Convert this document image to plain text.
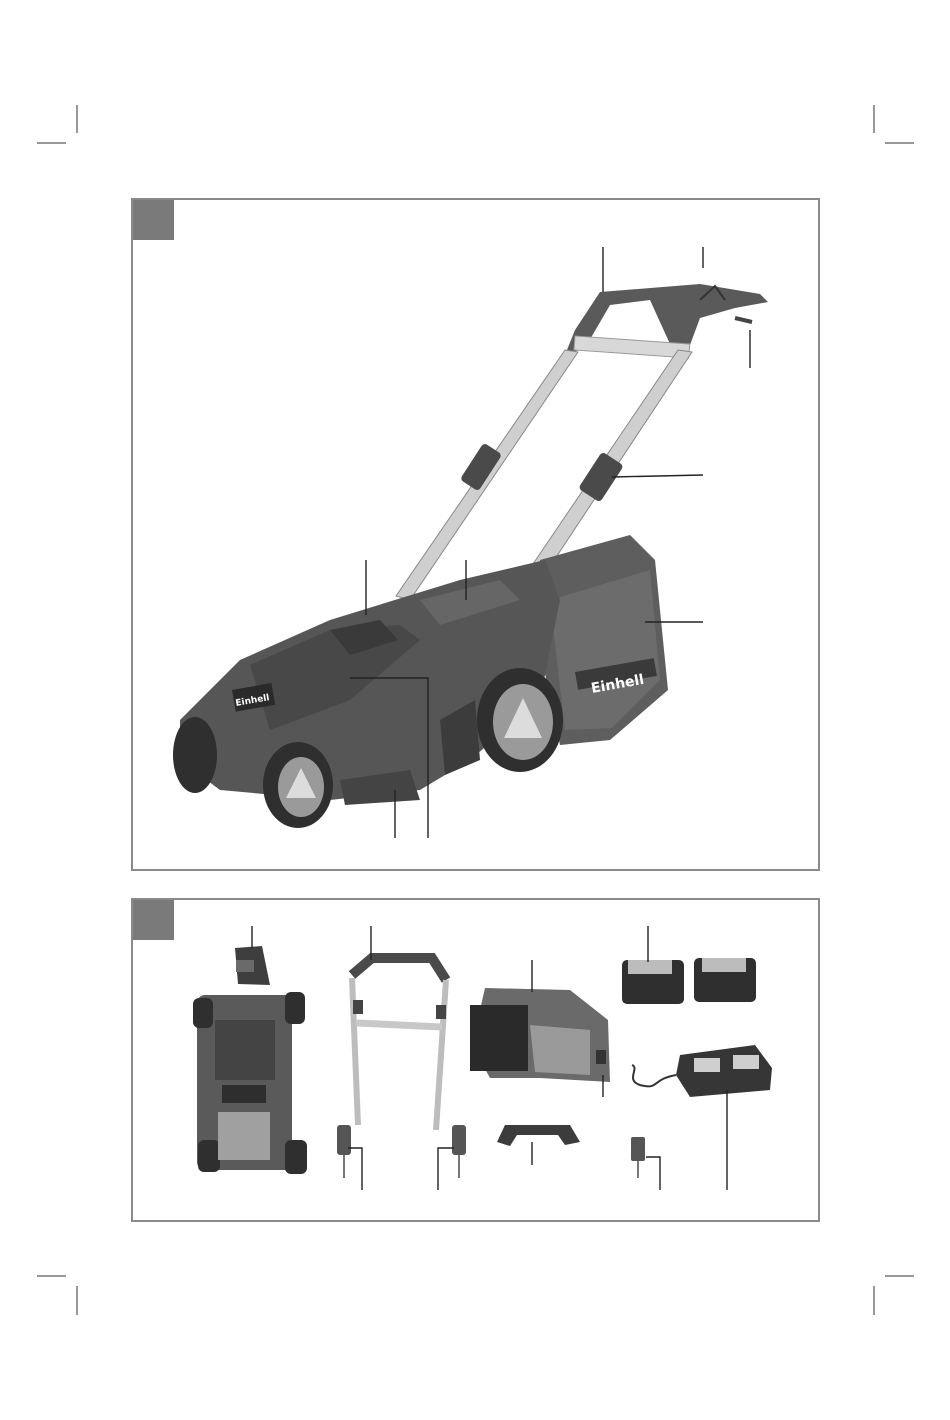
Einhell
Einhell
